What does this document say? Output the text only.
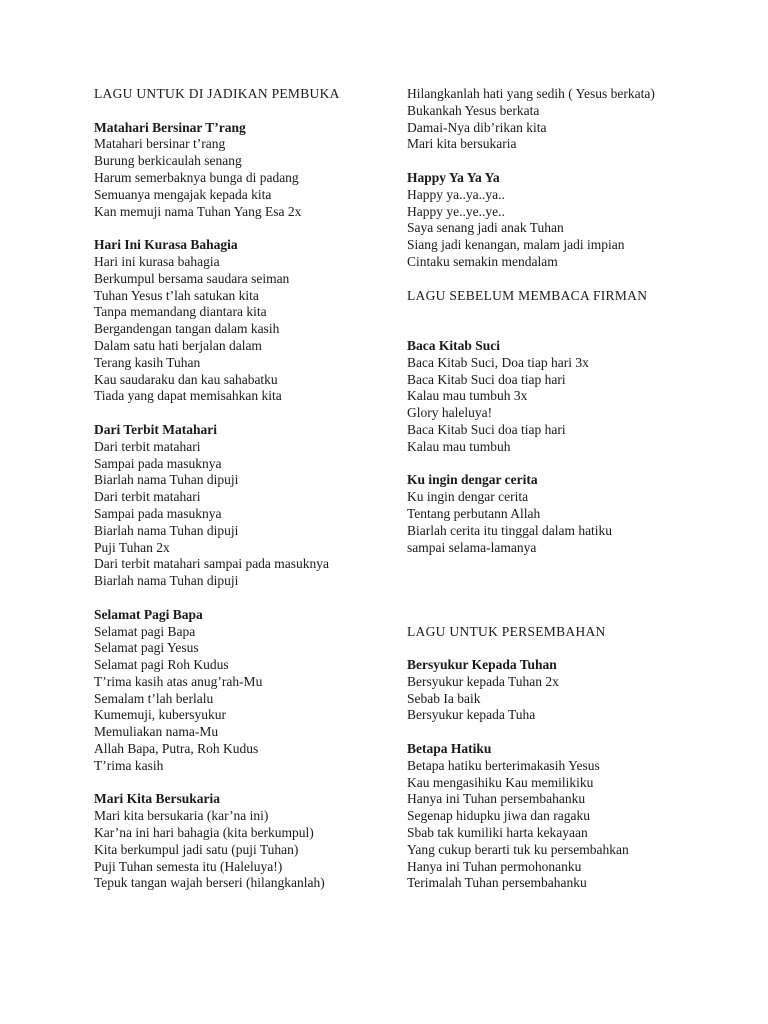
LAGU UNTUK DI JADIKAN PEMBUKA
Matahari Bersinar T’rang
Matahari bersinar t’rang
Burung berkicaulah senang
Harum semerbaknya bunga di padang
Semuanya mengajak kepada kita
Kan memuji nama Tuhan Yang Esa 2x
Hari Ini Kurasa Bahagia
Hari ini kurasa bahagia
Berkumpul bersama saudara seiman
Tuhan Yesus t’lah satukan kita
Tanpa memandang diantara kita
Bergandengan tangan dalam kasih
Dalam satu hati berjalan dalam
Terang kasih Tuhan
Kau saudaraku dan kau sahabatku
Tiada yang dapat memisahkan kita
Dari Terbit Matahari
Dari terbit matahari
Sampai pada masuknya
Biarlah nama Tuhan dipuji
Dari terbit matahari
Sampai pada masuknya
Biarlah nama Tuhan dipuji
Puji Tuhan 2x
Dari terbit matahari sampai pada masuknya
Biarlah nama Tuhan dipuji
Selamat Pagi Bapa
Selamat pagi Bapa
Selamat pagi Yesus
Selamat pagi Roh Kudus
T’rima kasih atas anug’rah-Mu
Semalam t’lah berlalu
Kumemuji, kubersyukur
Memuliakan nama-Mu
Allah Bapa, Putra, Roh Kudus
T’rima kasih
Mari Kita Bersukaria
Mari kita bersukaria (kar’na ini)
Kar’na ini hari bahagia (kita berkumpul)
Kita berkumpul jadi satu (puji Tuhan)
Puji Tuhan semesta itu (Haleluya!)
Tepuk tangan wajah berseri (hilangkanlah)
Hilangkanlah hati yang sedih ( Yesus berkata)
Bukankah Yesus berkata
Damai-Nya dib’rikan kita
Mari kita bersukaria
Happy Ya Ya Ya
Happy ya..ya..ya..
Happy ye..ye..ye..
Saya senang jadi anak Tuhan
Siang jadi kenangan, malam jadi impian
Cintaku semakin mendalam
LAGU SEBELUM MEMBACA FIRMAN
Baca Kitab Suci
Baca Kitab Suci, Doa tiap hari 3x
Baca Kitab Suci doa tiap hari
Kalau mau tumbuh 3x
Glory haleluya!
Baca Kitab Suci doa tiap hari
Kalau mau tumbuh
Ku ingin dengar cerita
Ku ingin dengar cerita
Tentang perbutann Allah
Biarlah cerita itu tinggal dalam hatiku
sampai selama-lamanya
LAGU UNTUK PERSEMBAHAN
Bersyukur Kepada Tuhan
Bersyukur kepada Tuhan 2x
Sebab Ia baik
Bersyukur kepada Tuha
Betapa Hatiku
Betapa hatiku berterimakasih Yesus
Kau mengasihiku Kau memilikiku
Hanya ini Tuhan persembahanku
Segenap hidupku jiwa dan ragaku
Sbab tak kumiliki harta kekayaan
Yang cukup berarti tuk ku persembahkan
Hanya ini Tuhan permohonanku
Terimalah Tuhan persembahanku
